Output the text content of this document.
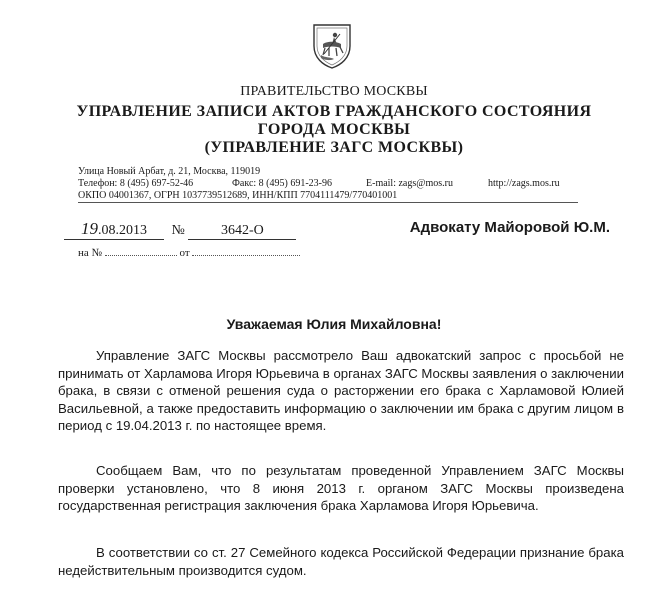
ПРАВИТЕЛЬСТВО МОСКВЫ
УПРАВЛЕНИЕ ЗАПИСИ АКТОВ ГРАЖДАНСКОГО СОСТОЯНИЯ
ГОРОДА МОСКВЫ
(УПРАВЛЕНИЕ ЗАГС МОСКВЫ)
Улица Новый Арбат, д. 21, Москва, 119019
Телефон: 8 (495) 697-52-46	Факс: 8 (495) 691-23-96	E-mail: zags@mos.ru	http://zags.mos.ru
ОКПО 04001367, ОГРН 1037739512689, ИНН/КПП 7704111479/770401001
19.08.2013 №	3642-О
на №	от
Адвокату Майоровой Ю.М.
Уважаемая Юлия Михайловна!

Управление ЗАГС Москвы рассмотрело Ваш адвокатский запрос с просьбой не принимать от Харламова Игоря Юрьевича в органах ЗАГС Москвы заявления о заключении брака, в связи с отменой решения суда о расторжении его брака с Харламовой Юлией Васильевной, а также предоставить информацию о заключении им брака с другим лицом в период с 19.04.2013 г. по настоящее время.

Сообщаем Вам, что по результатам проведенной Управлением ЗАГС Москвы проверки установлено, что 8 июня 2013 г. органом ЗАГС Москвы произведена государственная регистрация заключения брака Харламова Игоря Юрьевича.

В соответствии со ст. 27 Семейного кодекса Российской Федерации признание брака недействительным производится судом.
